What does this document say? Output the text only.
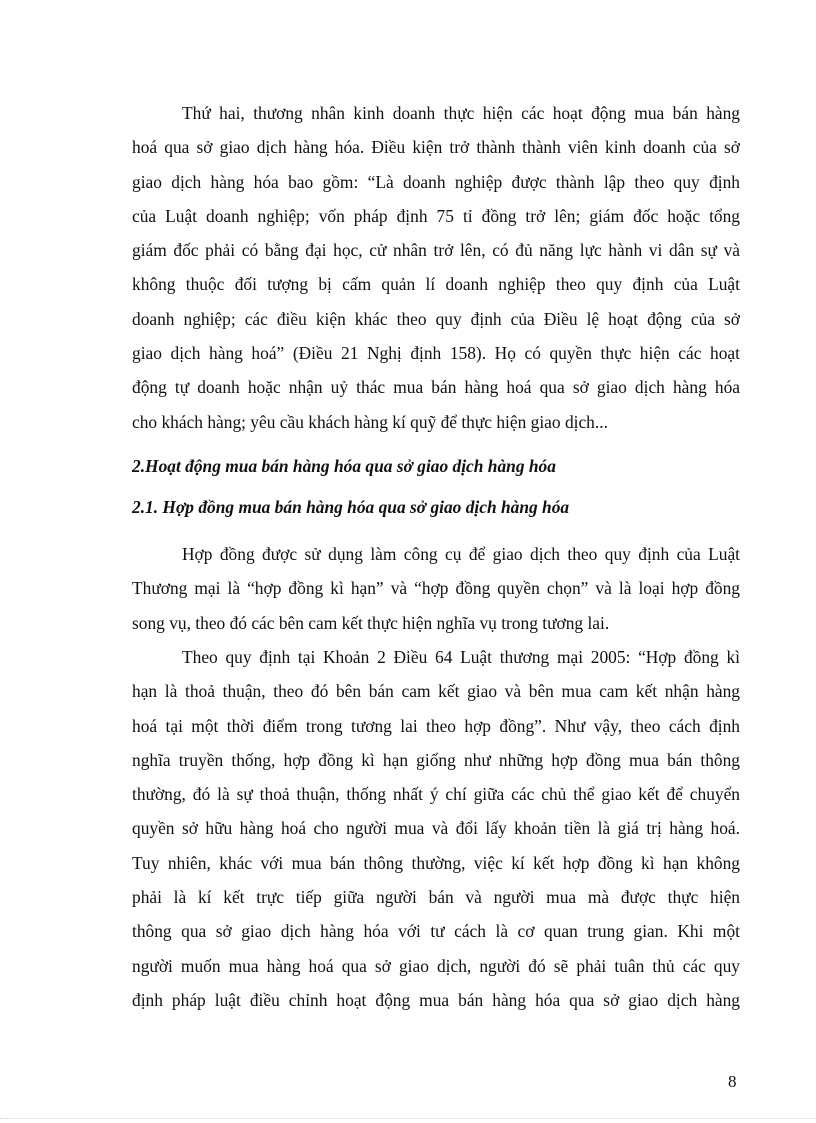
Thứ hai, thương nhân kinh doanh thực hiện các hoạt động mua bán hàng
hoá qua sở giao dịch hàng hóa. Điều kiện trở thành thành viên kinh doanh của sở
giao dịch hàng hóa bao gồm: “Là doanh nghiệp được thành lập theo quy định
của Luật doanh nghiệp; vốn pháp định 75 tỉ đồng trở lên; giám đốc hoặc tổng
giám đốc phải có bằng đại học, cử nhân trở lên, có đủ năng lực hành vi dân sự và
không thuộc đối tượng bị cấm quản lí doanh nghiệp theo quy định của Luật
doanh nghiệp; các điều kiện khác theo quy định của Điều lệ hoạt động của sở
giao dịch hàng hoá” (Điều 21 Nghị định 158). Họ có quyền thực hiện các hoạt
động tự doanh hoặc nhận uỷ thác mua bán hàng hoá qua sở giao dịch hàng hóa
cho khách hàng; yêu cầu khách hàng kí quỹ để thực hiện giao dịch...
2.Hoạt động mua bán hàng hóa qua sở giao dịch hàng hóa
2.1. Hợp đồng mua bán hàng hóa qua sở giao dịch hàng hóa
Hợp đồng được sử dụng làm công cụ để giao dịch theo quy định của Luật
Thương mại là “hợp đồng kì hạn” và “hợp đồng quyền chọn” và là loại hợp đồng
song vụ, theo đó các bên cam kết thực hiện nghĩa vụ trong tương lai.
Theo quy định tại Khoản 2 Điều 64 Luật thương mại 2005: “Hợp đồng kì
hạn là thoả thuận, theo đó bên bán cam kết giao và bên mua cam kết nhận hàng
hoá tại một thời điểm trong tương lai theo hợp đồng”. Như vậy, theo cách định
nghĩa truyền thống, hợp đồng kì hạn giống như những hợp đồng mua bán thông
thường, đó là sự thoả thuận, thống nhất ý chí giữa các chủ thể giao kết để chuyển
quyền sở hữu hàng hoá cho người mua và đổi lấy khoản tiền là giá trị hàng hoá.
Tuy nhiên, khác với mua bán thông thường, việc kí kết hợp đồng kì hạn không
phải là kí kết trực tiếp giữa người bán và người mua mà được thực hiện
thông qua sở giao dịch hàng hóa với tư cách là cơ quan trung gian. Khi một
người muốn mua hàng hoá qua sở giao dịch, người đó sẽ phải tuân thủ các quy
định pháp luật điều chỉnh hoạt động mua bán hàng hóa qua sở giao dịch hàng
8
